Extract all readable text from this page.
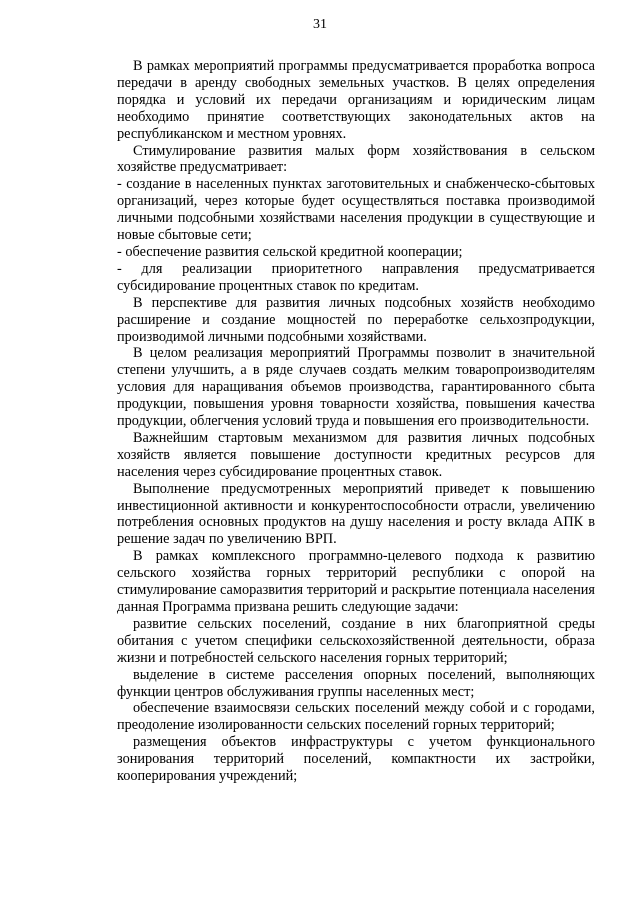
31

В рамках мероприятий программы предусматривается проработка вопроса передачи в аренду свободных земельных участков. В целях определения порядка и условий их передачи организациям и юридическим лицам необходимо принятие соответствующих законодательных актов на республиканском и местном уровнях.

Стимулирование развития малых форм хозяйствования в сельском хозяйстве предусматривает:

- создание в населенных пунктах заготовительных и снабженческо-сбытовых организаций, через которые будет осуществляться поставка производимой личными подсобными хозяйствами населения продукции в существующие и новые сбытовые сети;

- обеспечение развития сельской кредитной кооперации;

- для реализации приоритетного направления предусматривается субсидирование процентных ставок по кредитам.

В перспективе для развития личных подсобных хозяйств необходимо расширение и создание мощностей по переработке сельхозпродукции, производимой личными подсобными хозяйствами.

В целом реализация мероприятий Программы позволит в значительной степени улучшить, а в ряде случаев создать мелким товаропроизводителям условия для наращивания объемов производства, гарантированного сбыта продукции, повышения уровня товарности хозяйства, повышения качества продукции, облегчения условий труда и повышения его производительности.

Важнейшим стартовым механизмом для развития личных подсобных хозяйств является повышение доступности кредитных ресурсов для населения через субсидирование процентных ставок.

Выполнение предусмотренных мероприятий приведет к повышению инвестиционной активности и конкурентоспособности отрасли, увеличению потребления основных продуктов на душу населения и росту вклада АПК в решение задач по увеличению ВРП.

В рамках комплексного программно-целевого подхода к развитию сельского хозяйства горных территорий республики с опорой на стимулирование саморазвития территорий и раскрытие потенциала населения данная Программа призвана решить следующие задачи:

развитие сельских поселений, создание в них благоприятной среды обитания с учетом специфики сельскохозяйственной деятельности, образа жизни и потребностей сельского населения горных территорий;

выделение в системе расселения опорных поселений, выполняющих функции центров обслуживания группы населенных мест;

обеспечение взаимосвязи сельских поселений между собой и с городами, преодоление изолированности сельских поселений горных территорий;

размещения объектов инфраструктуры с учетом функционального зонирования территорий поселений, компактности их застройки, кооперирования учреждений;
